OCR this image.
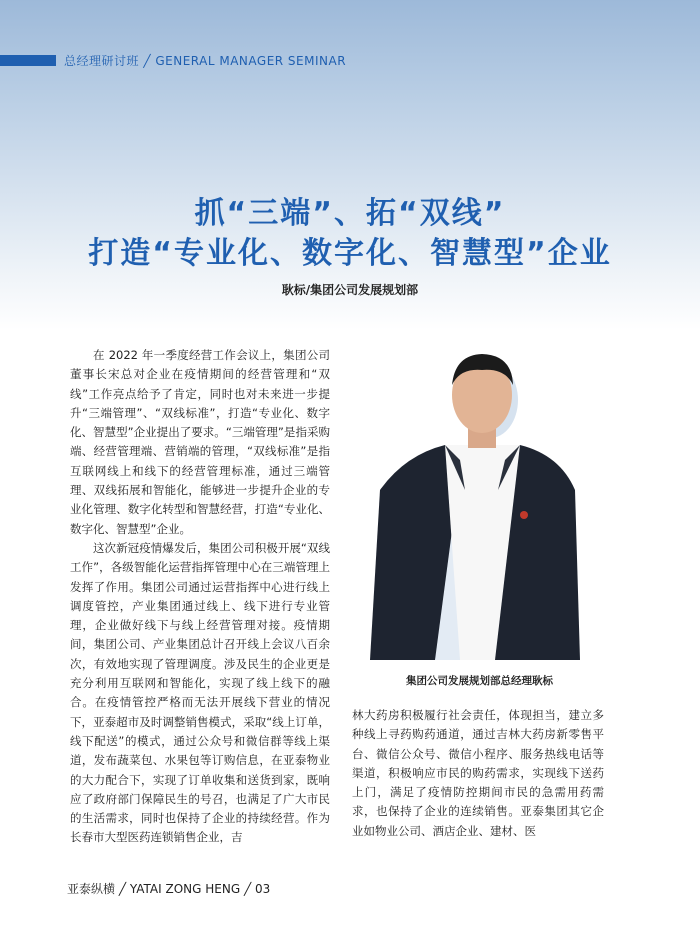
总经理研讨班 ╱ GENERAL MANAGER SEMINAR
抓“三端”、拓“双线”
打造“专业化、数字化、智慧型”企业
耿标/集团公司发展规划部

在 2022 年一季度经营工作会议上，集团公司董事长宋总对企业在疫情期间的经营管理和“双线”工作亮点给予了肯定，同时也对未来进一步提升“三端管理”、“双线标准”，打造“专业化、数字化、智慧型”企业提出了要求。“三端管理”是指采购端、经营管理端、营销端的管理，“双线标准”是指互联网线上和线下的经营管理标准，通过三端管理、双线拓展和智能化，能够进一步提升企业的专业化管理、数字化转型和智慧经营，打造“专业化、数字化、智慧型”企业。

这次新冠疫情爆发后，集团公司积极开展“双线工作”，各级智能化运营指挥管理中心在三端管理上发挥了作用。集团公司通过运营指挥中心进行线上调度管控，产业集团通过线上、线下进行专业管理，企业做好线下与线上经营管理对接。疫情期间，集团公司、产业集团总计召开线上会议八百余次，有效地实现了管理调度。涉及民生的企业更是充分利用互联网和智能化，实现了线上线下的融合。在疫情管控严格而无法开展线下营业的情况下，亚泰超市及时调整销售模式，采取“线上订单，线下配送”的模式，通过公众号和微信群等线上渠道，发布蔬菜包、水果包等订购信息，在亚泰物业的大力配合下，实现了订单收集和送货到家，既响应了政府部门保障民生的号召，也满足了广大市民的生活需求，同时也保持了企业的持续经营。作为长春市大型医药连锁销售企业，吉

集团公司发展规划部总经理耿标

林大药房积极履行社会责任，体现担当，建立多种线上寻药购药通道，通过吉林大药房新零售平台、微信公众号、微信小程序、服务热线电话等渠道，积极响应市民的购药需求，实现线下送药上门，满足了疫情防控期间市民的急需用药需求，也保持了企业的连续销售。亚泰集团其它企业如物业公司、酒店企业、建材、医

亚泰纵横 ╱ YATAI ZONG HENG ╱ 03
